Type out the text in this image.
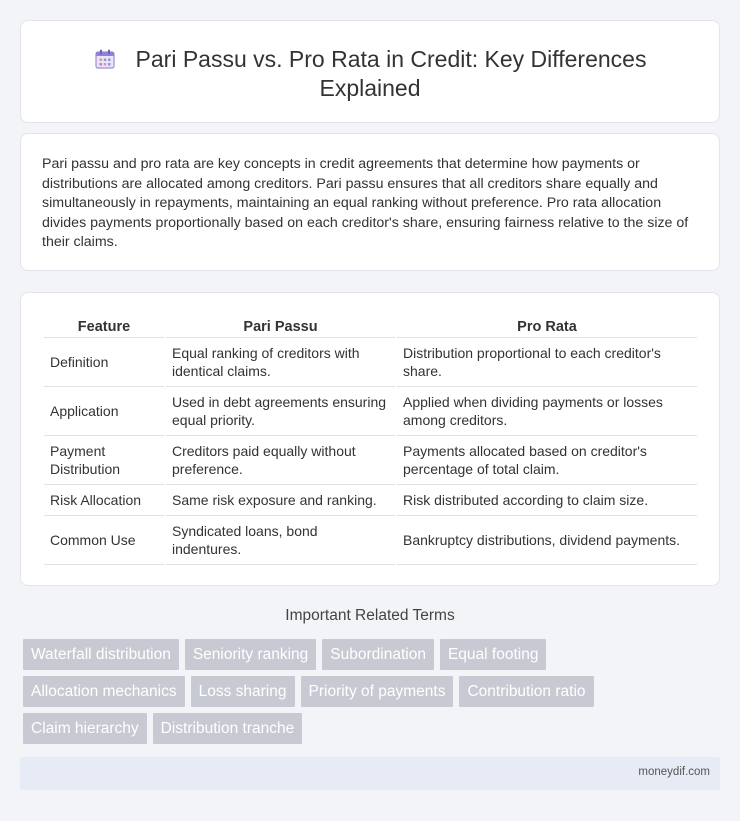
Pari Passu vs. Pro Rata in Credit: Key Differences Explained

Pari passu and pro rata are key concepts in credit agreements that determine how payments or distributions are allocated among creditors. Pari passu ensures that all creditors share equally and simultaneously in repayments, maintaining an equal ranking without preference. Pro rata allocation divides payments proportionally based on each creditor's share, ensuring fairness relative to the size of their claims.

Feature	Pari Passu	Pro Rata
Definition	Equal ranking of creditors with identical claims.	Distribution proportional to each creditor's share.
Application	Used in debt agreements ensuring equal priority.	Applied when dividing payments or losses among creditors.
Payment Distribution	Creditors paid equally without preference.	Payments allocated based on creditor's percentage of total claim.
Risk Allocation	Same risk exposure and ranking.	Risk distributed according to claim size.
Common Use	Syndicated loans, bond indentures.	Bankruptcy distributions, dividend payments.
Important Related Terms
Waterfall distribution	Seniority ranking	Subordination	Equal footing
Allocation mechanics	Loss sharing	Priority of payments	Contribution ratio
Claim hierarchy	Distribution tranche
moneydif.com
